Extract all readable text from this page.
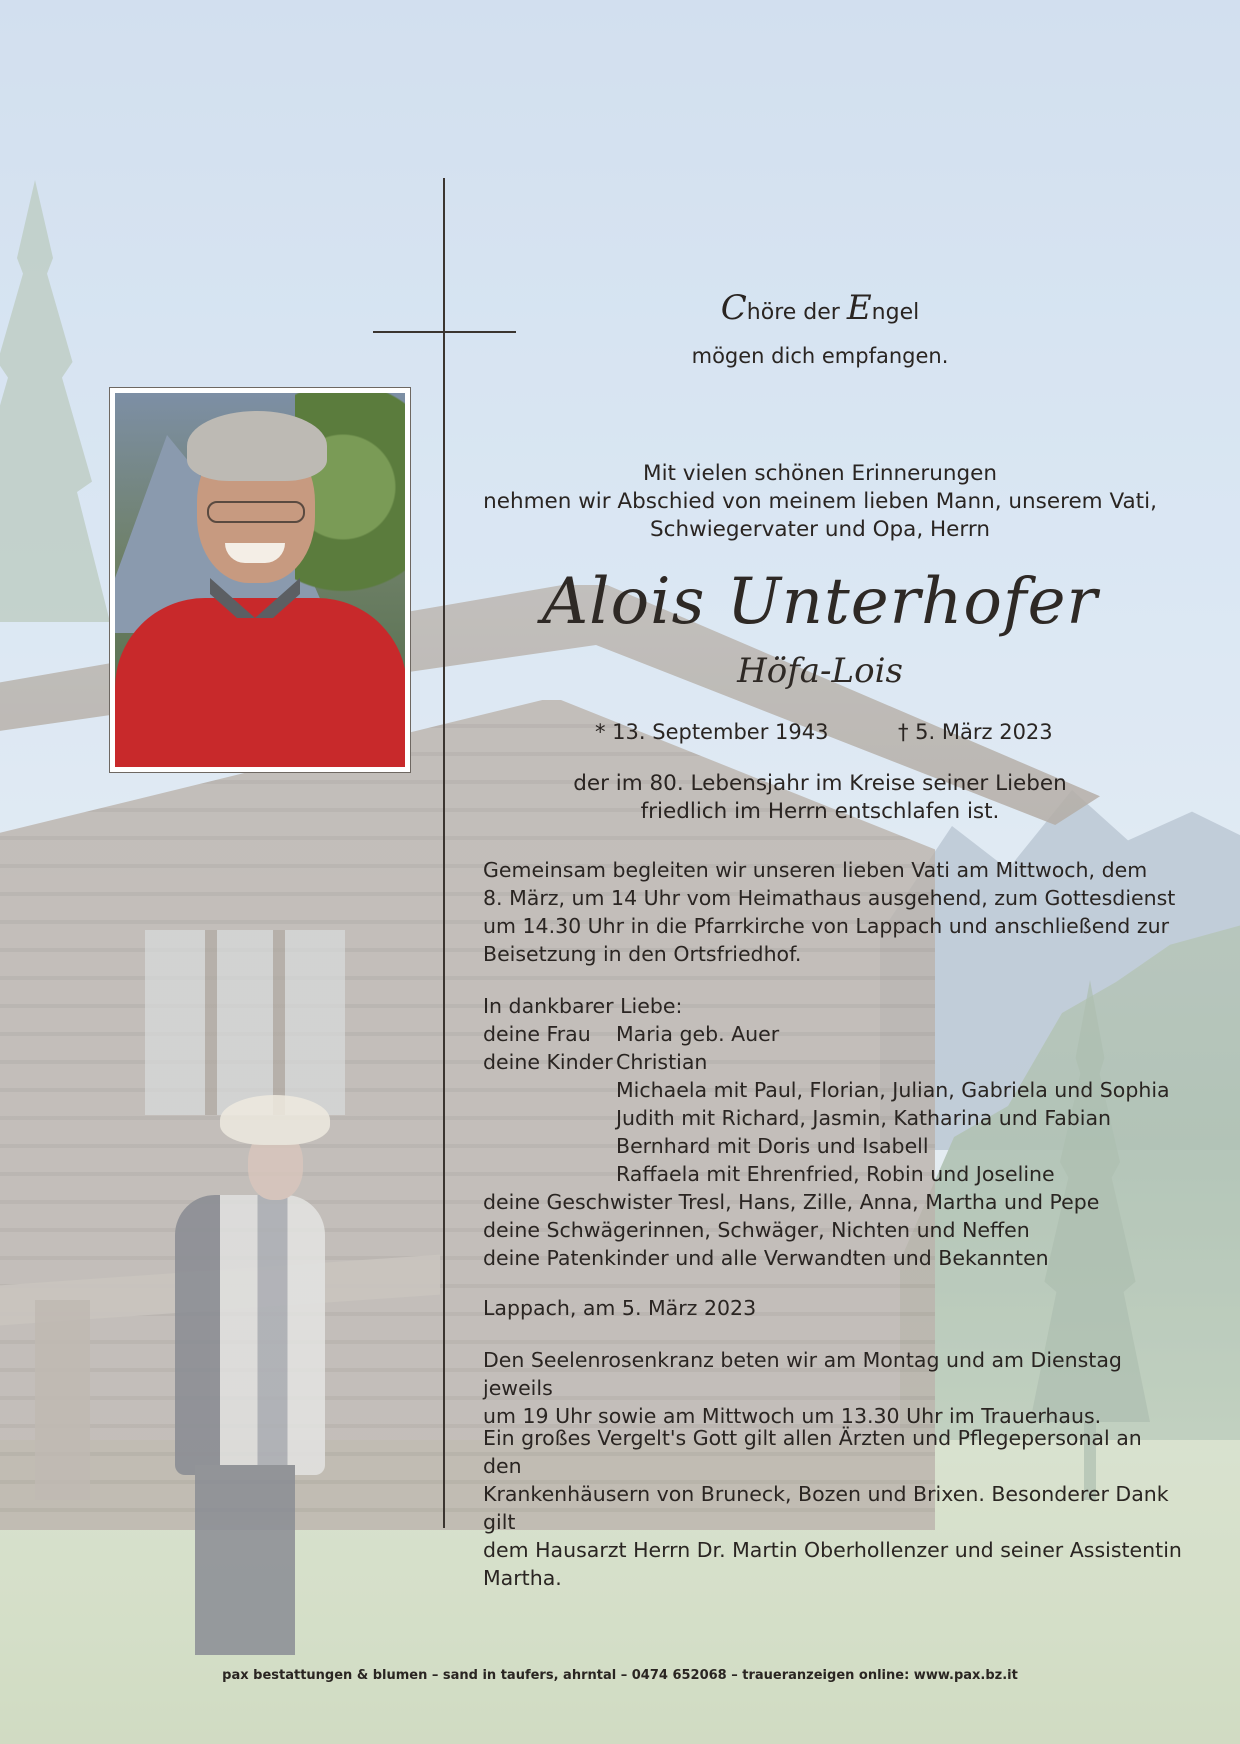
Chöre der Engel
mögen dich empfangen.

Mit vielen schönen Erinnerungen

nehmen wir Abschied von meinem lieben Mann, unserem Vati,

Schwiegervater und Opa, Herrn

Alois Unterhofer
Höfa-Lois
* 13. September 1943	† 5. März 2023

der im 80. Lebensjahr im Kreise seiner Lieben

friedlich im Herrn entschlafen ist.

Gemeinsam begleiten wir unseren lieben Vati am Mittwoch, dem

8. März, um 14 Uhr vom Heimathaus ausgehend, zum Gottesdienst

um 14.30 Uhr in die Pfarrkirche von Lappach und anschließend zur

Beisetzung in den Ortsfriedhof.

In dankbarer Liebe:
deine Frau Maria geb. Auer
deine Kinder Christian
Michaela mit Paul, Florian, Julian, Gabriela und Sophia
Judith mit Richard, Jasmin, Katharina und Fabian
Bernhard mit Doris und Isabell
Raffaela mit Ehrenfried, Robin und Joseline
deine Geschwister Tresl, Hans, Zille, Anna, Martha und Pepe
deine Schwägerinnen, Schwäger, Nichten und Neffen
deine Patenkinder und alle Verwandten und Bekannten
Lappach, am 5. März 2023

Den Seelenrosenkranz beten wir am Montag und am Dienstag jeweils

um 19 Uhr sowie am Mittwoch um 13.30 Uhr im Trauerhaus.

Ein großes Vergelt's Gott gilt allen Ärzten und Pflegepersonal an den

Krankenhäusern von Bruneck, Bozen und Brixen. Besonderer Dank gilt

dem Hausarzt Herrn Dr. Martin Oberhollenzer und seiner Assistentin

Martha.

pax bestattungen & blumen – sand in taufers, ahrntal – 0474 652068 – traueranzeigen online: www.pax.bz.it
